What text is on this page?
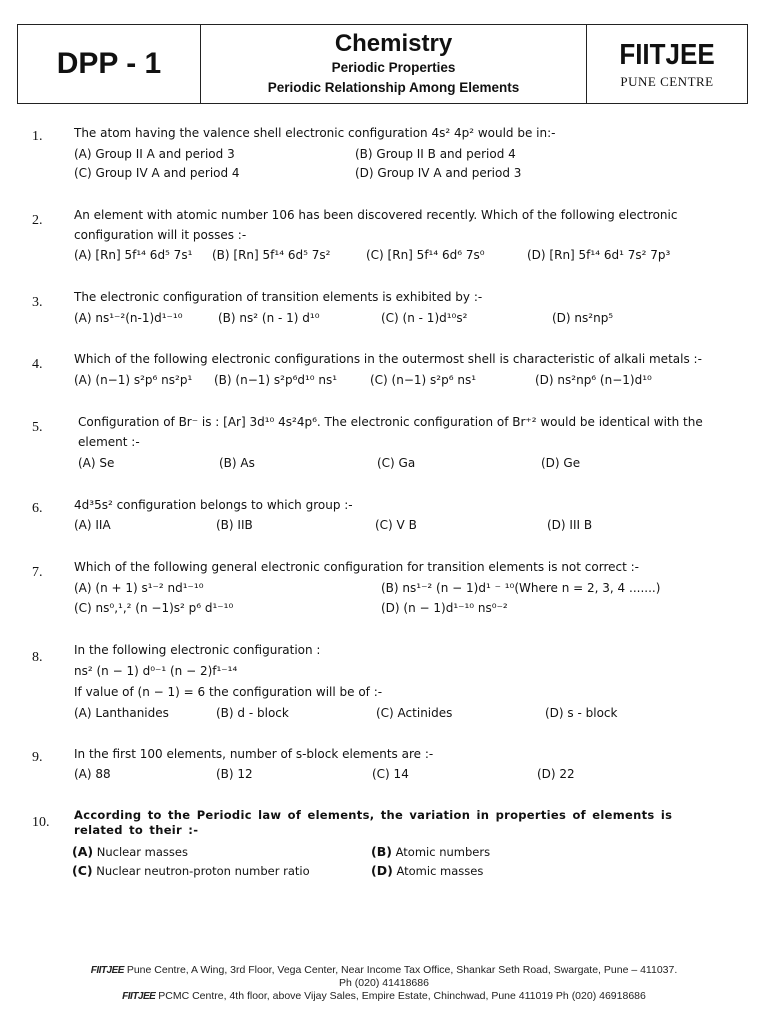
DPP - 1
Chemistry
Periodic Properties
Periodic Relationship Among Elements
FIITJEE
PUNE CENTRE
1.	The atom having the valence shell electronic configuration 4s² 4p² would be in:-
(A) Group II A and period 3	(B) Group II B and period 4
(C) Group IV A and period 4	(D) Group IV A and period 3
2.	An element with atomic number 106 has been discovered recently. Which of the following electronic configuration will it posses :-
(A) [Rn] 5f¹⁴ 6d⁵ 7s¹ (B) [Rn] 5f¹⁴ 6d⁵ 7s²	(C) [Rn] 5f¹⁴ 6d⁶ 7s⁰	(D) [Rn] 5f¹⁴ 6d¹ 7s² 7p³
3.	The electronic configuration of transition elements is exhibited by :-
(A) ns¹⁻²(n-1)d¹⁻¹⁰	(B) ns² (n - 1) d¹⁰	(C) (n - 1)d¹⁰s²	(D) ns²np⁵
4.	Which of the following electronic configurations in the outermost shell is characteristic of alkali metals :-
(A) (n−1) s²p⁶ ns²p¹ (B) (n−1) s²p⁶d¹⁰ ns¹	(C) (n−1) s²p⁶ ns¹	(D) ns²np⁶ (n−1)d¹⁰
5.	Configuration of Br⁻ is : [Ar] 3d¹⁰ 4s²4p⁶. The electronic configuration of Br⁺² would be identical with the element :-
(A) Se	(B) As	(C) Ga	(D) Ge
6.	4d³5s² configuration belongs to which group :-
(A) IIA	(B) IIB	(C) V B	(D) III B
7.	Which of the following general electronic configuration for transition elements is not correct :-
(A) (n + 1) s¹⁻² nd¹⁻¹⁰	(B) ns¹⁻² (n − 1)d¹ ⁻ ¹⁰(Where n = 2, 3, 4 .......)
(C) ns⁰,¹,² (n −1)s² p⁶ d¹⁻¹⁰	(D) (n − 1)d¹⁻¹⁰ ns⁰⁻²
8.	In the following electronic configuration :
ns² (n − 1) d⁰⁻¹ (n − 2)f¹⁻¹⁴
If value of (n − 1) = 6 the configuration will be of :-
(A) Lanthanides	(B) d - block	(C) Actinides	(D) s - block
9.	In the first 100 elements, number of s-block elements are :-
(A) 88	(B) 12	(C) 14	(D) 22
10. According to the Periodic law of elements, the variation in properties of elements is related to their :-
(A) Nuclear masses	(B) Atomic numbers
(C) Nuclear neutron-proton number ratio	(D) Atomic masses
FIITJEE Pune Centre, A Wing, 3rd Floor, Vega Center, Near Income Tax Office, Shankar Seth Road, Swargate, Pune – 411037.
Ph (020) 41418686
FIITJEE PCMC Centre, 4th floor, above Vijay Sales, Empire Estate, Chinchwad, Pune 411019 Ph (020) 46918686
